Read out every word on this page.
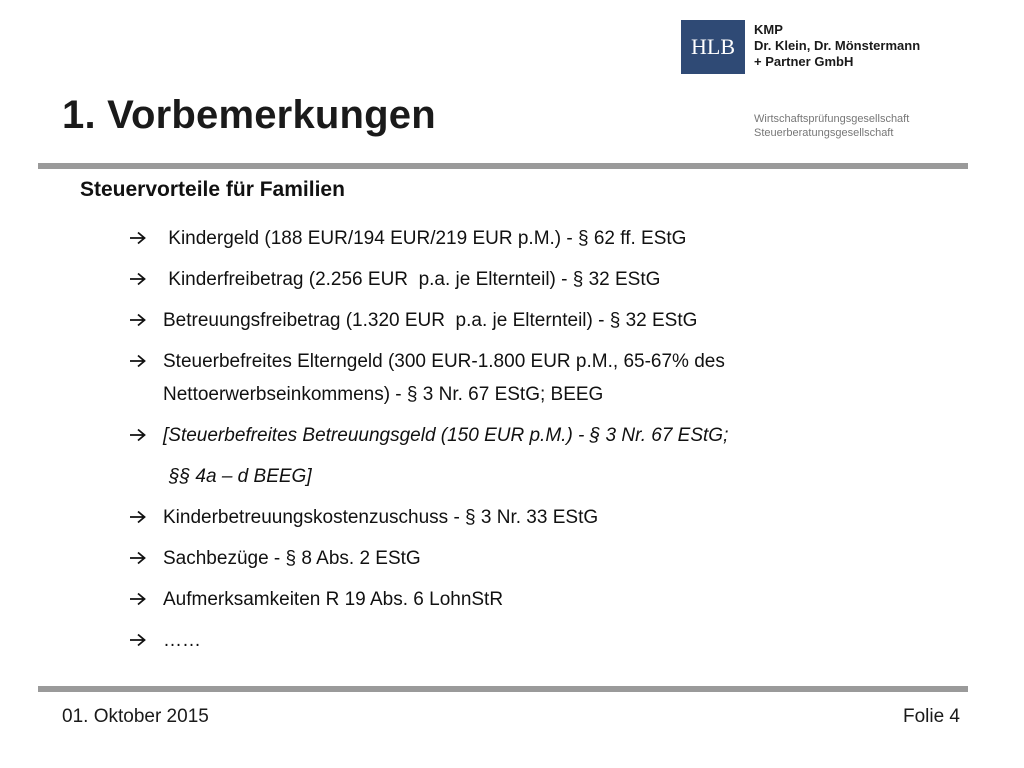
1. Vorbemerkungen
HLB
KMP
Dr. Klein, Dr. Mönstermann
+ Partner GmbH
Wirtschaftsprüfungsgesellschaft
Steuerberatungsgesellschaft
Steuervorteile für Familien
Kindergeld (188 EUR/194 EUR/219 EUR p.M.) - § 62 ff. EStG
Kinderfreibetrag (2.256 EUR  p.a. je Elternteil) - § 32 EStG
Betreuungsfreibetrag (1.320 EUR  p.a. je Elternteil) - § 32 EStG
Steuerbefreites Elterngeld (300 EUR-1.800 EUR p.M., 65-67% des
Nettoerwerbseinkommens) - § 3 Nr. 67 EStG; BEEG
[Steuerbefreites Betreuungsgeld (150 EUR p.M.) - § 3 Nr. 67 EStG;
§§ 4a – d BEEG]
Kinderbetreuungskostenzuschuss - § 3 Nr. 33 EStG
Sachbezüge - § 8 Abs. 2 EStG
Aufmerksamkeiten R 19 Abs. 6 LohnStR
……
01. Oktober 2015	Folie 4
